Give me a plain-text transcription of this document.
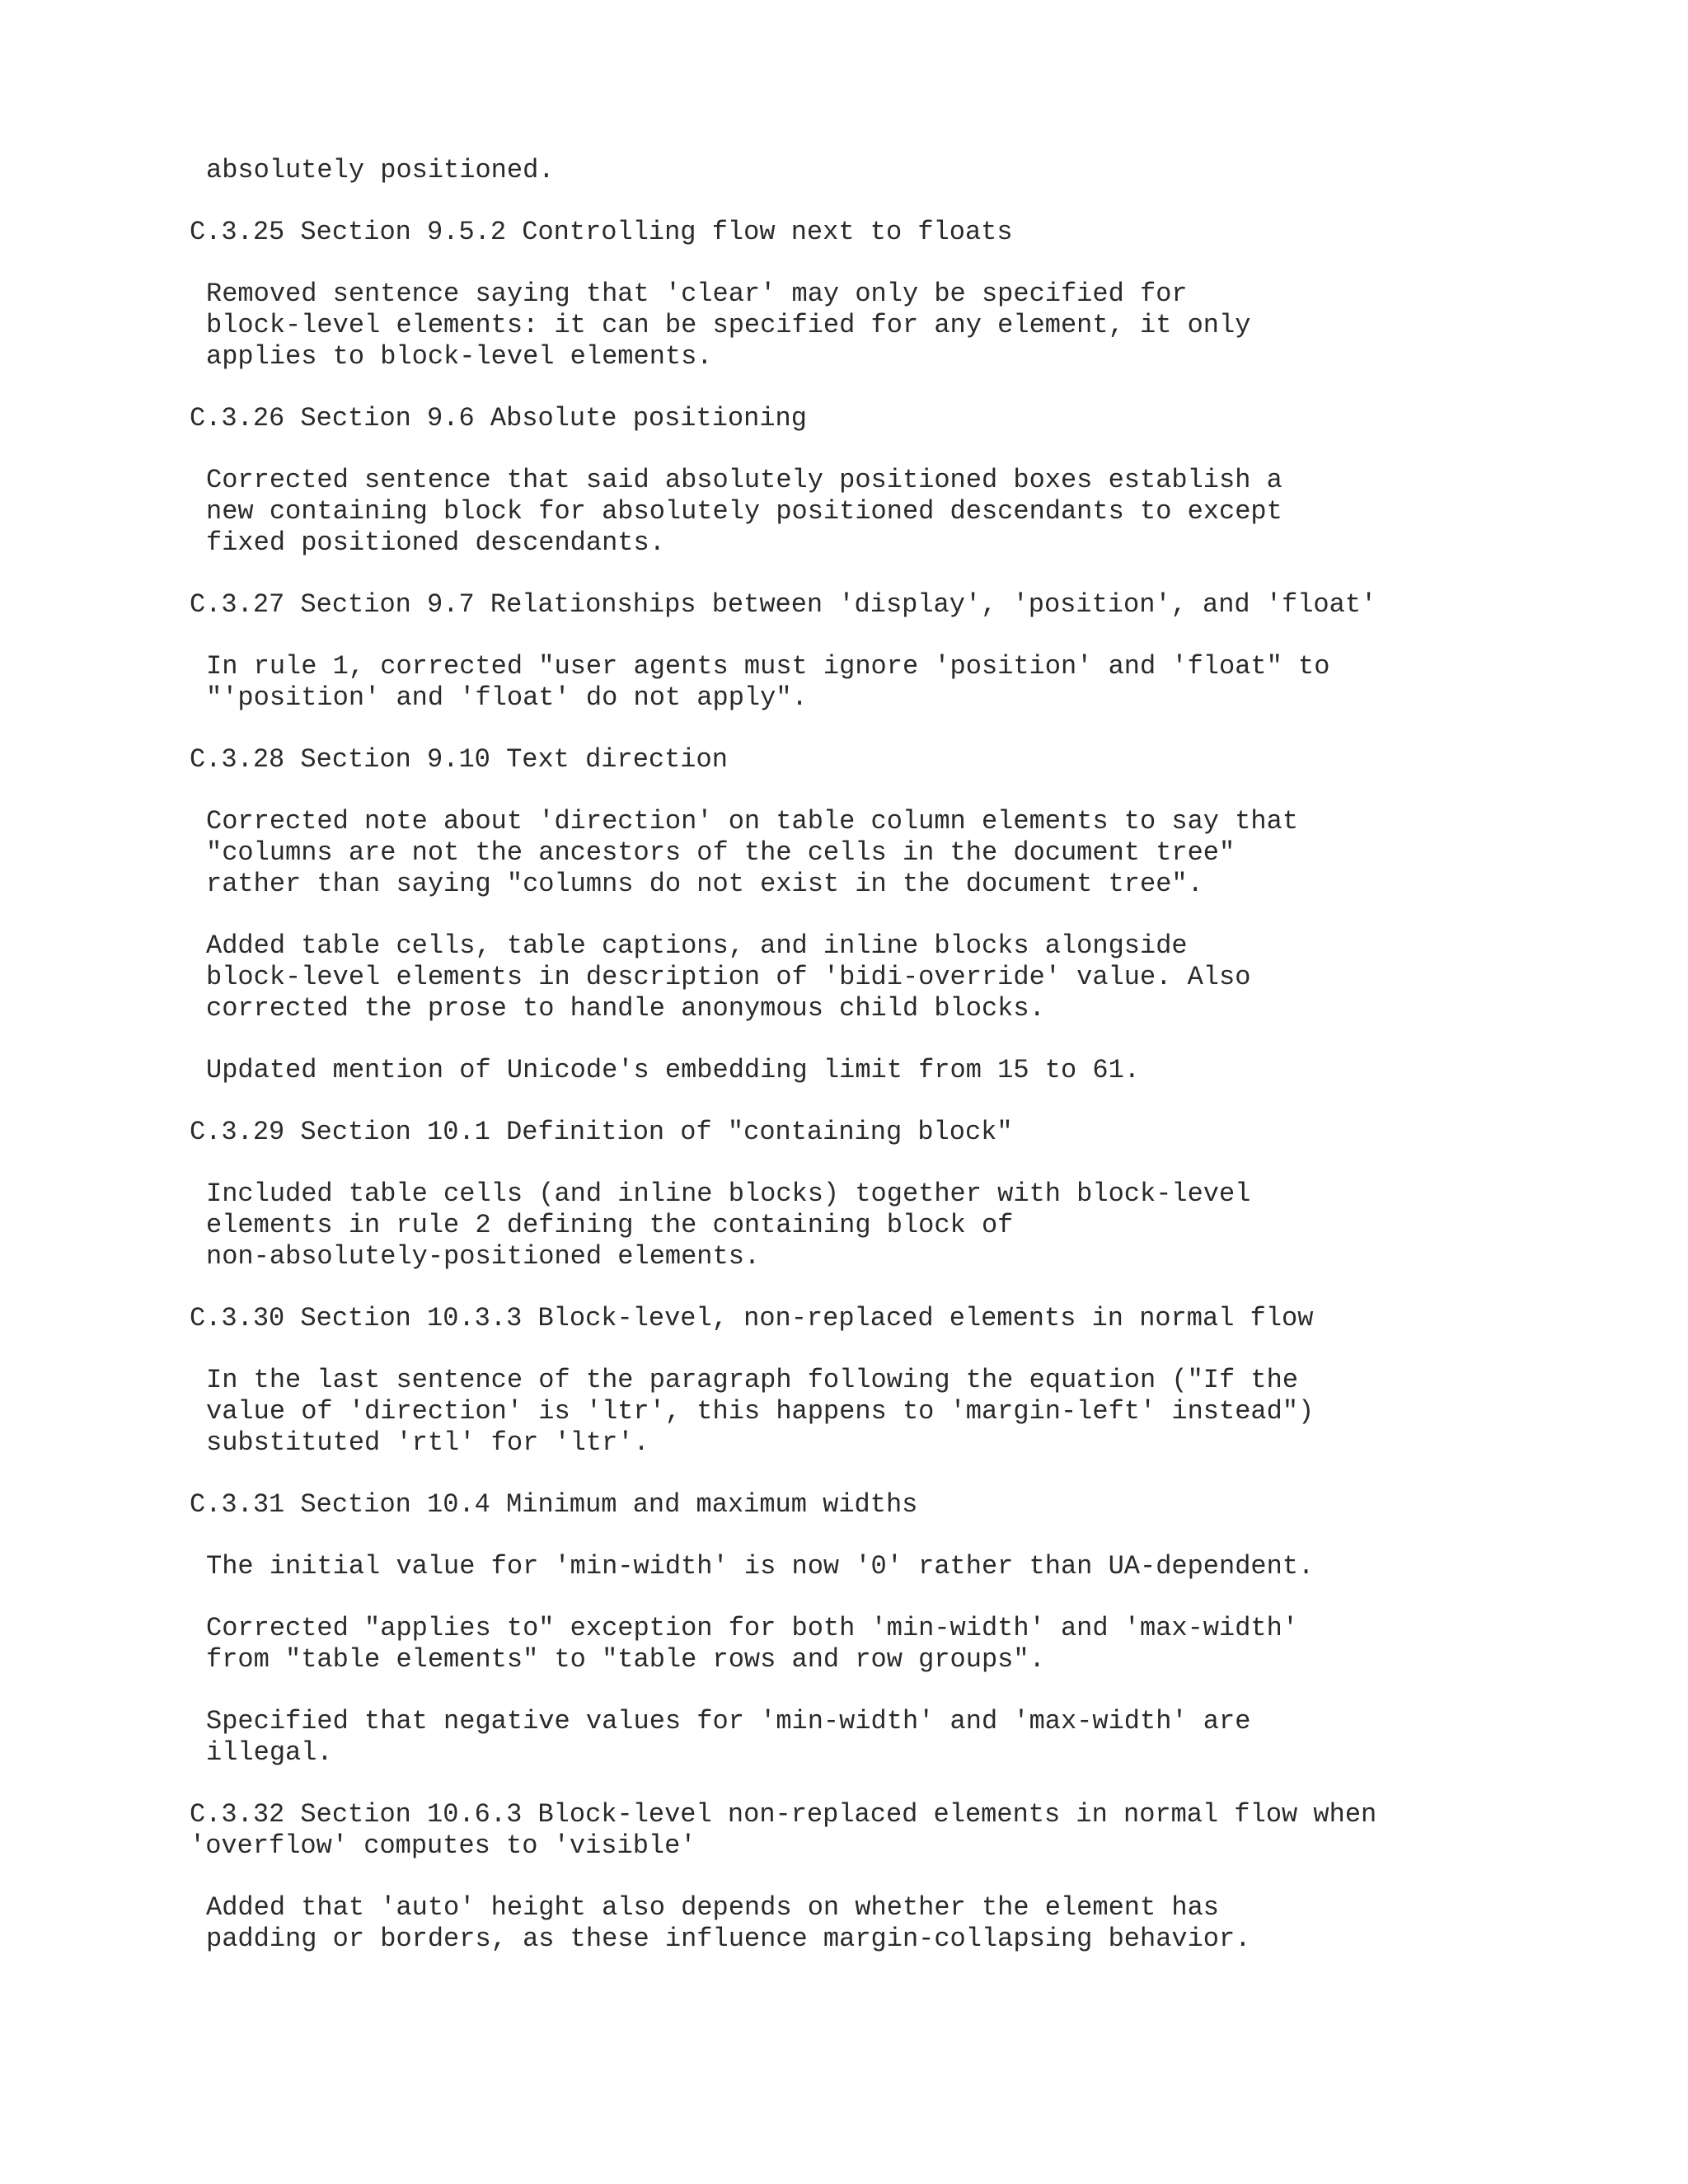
absolutely positioned.
C.3.25 Section 9.5.2 Controlling flow next to floats
Removed sentence saying that 'clear' may only be specified for
block-level elements: it can be specified for any element, it only
applies to block-level elements.
C.3.26 Section 9.6 Absolute positioning
Corrected sentence that said absolutely positioned boxes establish a
new containing block for absolutely positioned descendants to except
fixed positioned descendants.
C.3.27 Section 9.7 Relationships between 'display', 'position', and 'float'
In rule 1, corrected "user agents must ignore 'position' and 'float" to
"'position' and 'float' do not apply".
C.3.28 Section 9.10 Text direction
Corrected note about 'direction' on table column elements to say that
"columns are not the ancestors of the cells in the document tree"
rather than saying "columns do not exist in the document tree".
Added table cells, table captions, and inline blocks alongside
block-level elements in description of 'bidi-override' value. Also
corrected the prose to handle anonymous child blocks.
Updated mention of Unicode's embedding limit from 15 to 61.
C.3.29 Section 10.1 Definition of "containing block"
Included table cells (and inline blocks) together with block-level
elements in rule 2 defining the containing block of
non-absolutely-positioned elements.
C.3.30 Section 10.3.3 Block-level, non-replaced elements in normal flow
In the last sentence of the paragraph following the equation ("If the
value of 'direction' is 'ltr', this happens to 'margin-left' instead")
substituted 'rtl' for 'ltr'.
C.3.31 Section 10.4 Minimum and maximum widths
The initial value for 'min-width' is now '0' rather than UA-dependent.
Corrected "applies to" exception for both 'min-width' and 'max-width'
from "table elements" to "table rows and row groups".
Specified that negative values for 'min-width' and 'max-width' are
illegal.
C.3.32 Section 10.6.3 Block-level non-replaced elements in normal flow when
'overflow' computes to 'visible'
Added that 'auto' height also depends on whether the element has
padding or borders, as these influence margin-collapsing behavior.
